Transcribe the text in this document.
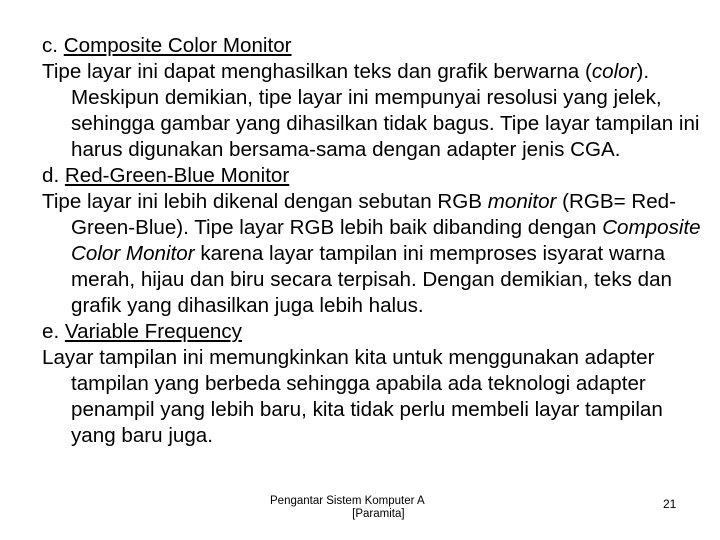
c. Composite Color Monitor

Tipe layar ini dapat menghasilkan teks dan grafik berwarna (color). Meskipun demikian, tipe layar ini mempunyai resolusi yang jelek, sehingga gambar yang dihasilkan tidak bagus. Tipe layar tampilan ini harus digunakan bersama-sama dengan adapter jenis CGA.

d. Red-Green-Blue Monitor

Tipe layar ini lebih dikenal dengan sebutan RGB monitor (RGB= Red-Green-Blue). Tipe layar RGB lebih baik dibanding dengan Composite Color Monitor karena layar tampilan ini memproses isyarat warna merah, hijau dan biru secara terpisah. Dengan demikian, teks dan grafik yang dihasilkan juga lebih halus.

e. Variable Frequency

Layar tampilan ini memungkinkan kita untuk menggunakan adapter tampilan yang berbeda sehingga apabila ada teknologi adapter penampil yang lebih baru, kita tidak perlu membeli layar tampilan yang baru juga.

Pengantar Sistem Komputer A
[Paramita]
21
